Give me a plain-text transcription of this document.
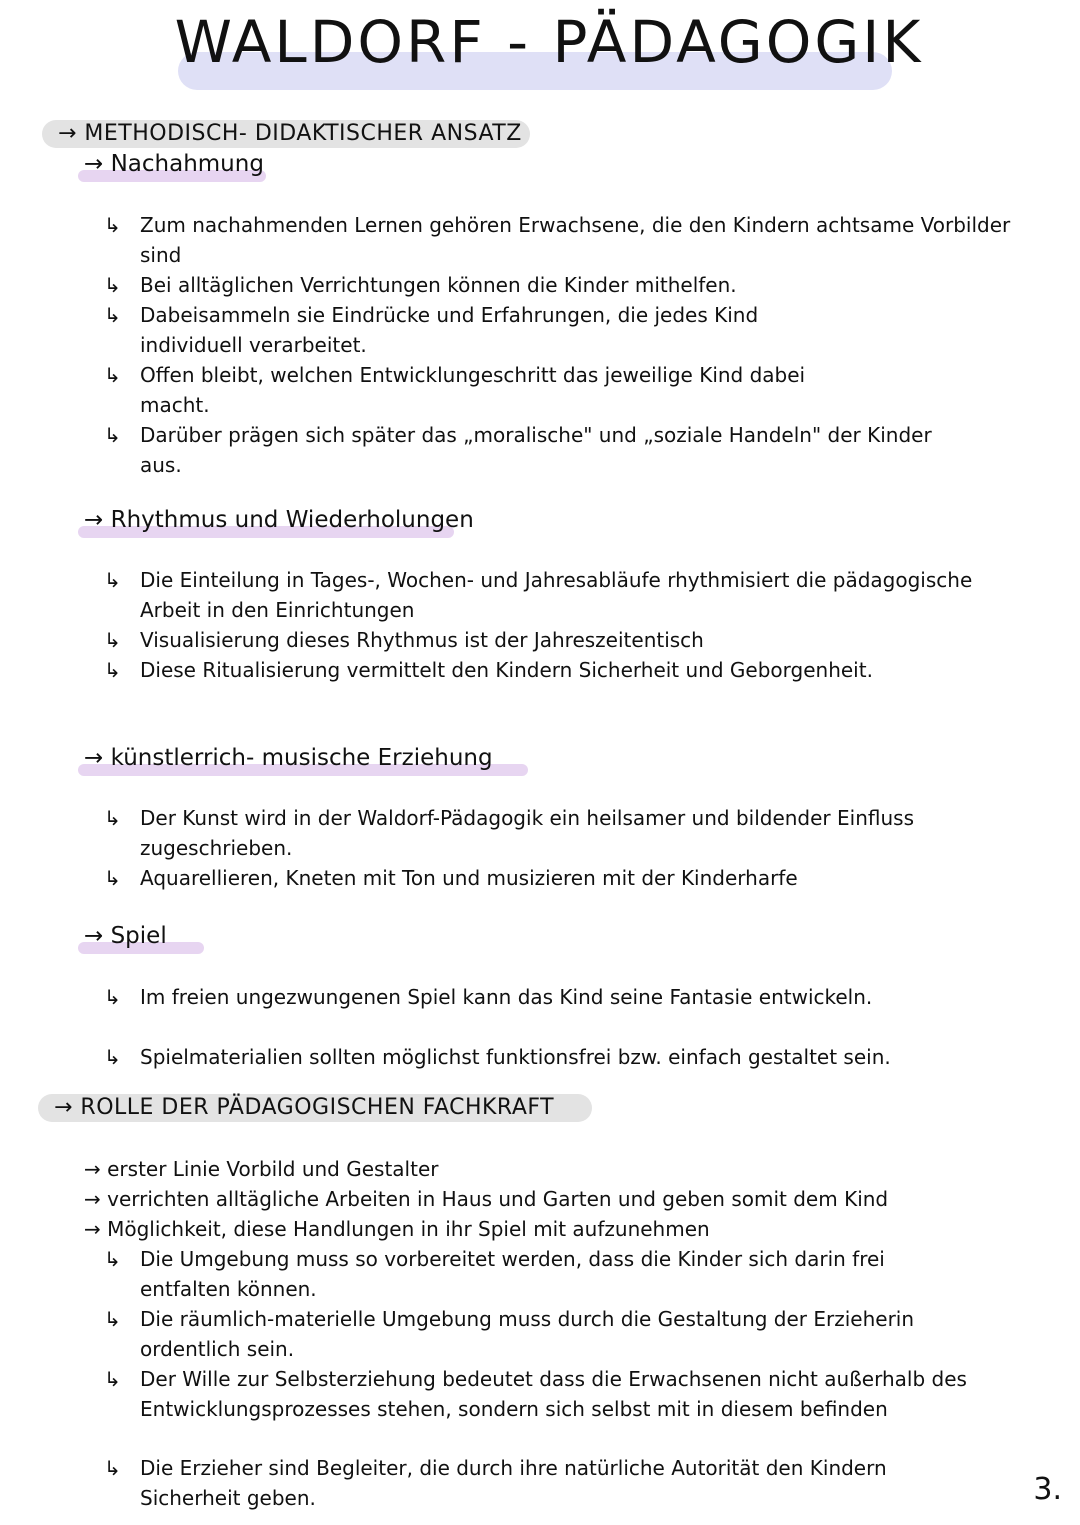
WALDORF - PÄDAGOGIK
→ METHODISCH- DIDAKTISCHER ANSATZ
→ Nachahmung
↳ Zum nachahmenden Lernen gehören Erwachsene, die den Kindern achtsame Vorbilder sind
↳ Bei alltäglichen Verrichtungen können die Kinder mithelfen.
↳ Dabeisammeln sie Eindrücke und Erfahrungen, die jedes Kind individuell verarbeitet.
↳ Offen bleibt, welchen Entwicklungeschritt das jeweilige Kind dabei macht.
↳ Darüber prägen sich später das „moralische" und „soziale Handeln" der Kinder aus.
→ Rhythmus und Wiederholungen
↳ Die Einteilung in Tages-, Wochen- und Jahresabläufe rhythmisiert die pädagogische Arbeit in den Einrichtungen
↳ Visualisierung dieses Rhythmus ist der Jahreszeitentisch
↳ Diese Ritualisierung vermittelt den Kindern Sicherheit und Geborgenheit.
→ künstlerrich- musische Erziehung
↳ Der Kunst wird in der Waldorf-Pädagogik ein heilsamer und bildender Einfluss zugeschrieben.
↳ Aquarellieren, Kneten mit Ton und musizieren mit der Kinderharfe
→ Spiel
↳ Im freien ungezwungenen Spiel kann das Kind seine Fantasie entwickeln.
↳ Spielmaterialien sollten möglichst funktionsfrei bzw. einfach gestaltet sein.
→ ROLLE DER PÄDAGOGISCHEN FACHKRAFT
→ erster Linie Vorbild und Gestalter
→ verrichten alltägliche Arbeiten in Haus und Garten und geben somit dem Kind
→ Möglichkeit, diese Handlungen in ihr Spiel mit aufzunehmen
↳ Die Umgebung muss so vorbereitet werden, dass die Kinder sich darin frei entfalten können.
↳ Die räumlich-materielle Umgebung muss durch die Gestaltung der Erzieherin ordentlich sein.
↳ Der Wille zur Selbsterziehung bedeutet dass die Erwachsenen nicht außerhalb des Entwicklungsprozesses stehen, sondern sich selbst mit in diesem befinden
↳ Die Erzieher sind Begleiter, die durch ihre natürliche Autorität den Kindern Sicherheit geben.	3.
